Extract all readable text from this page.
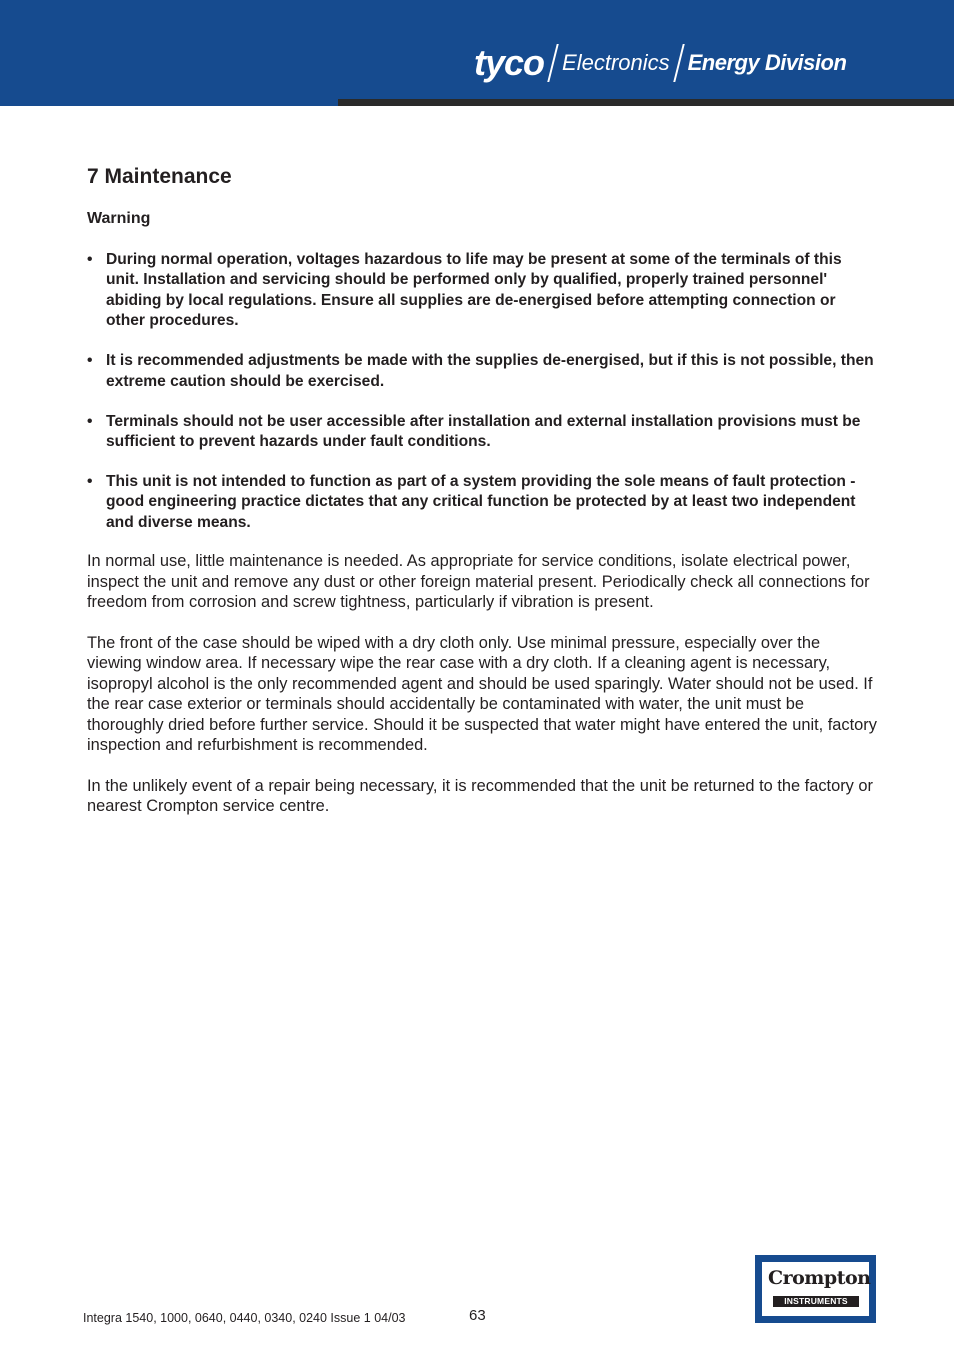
tyco Electronics Energy Division
7 Maintenance
Warning
• During normal operation, voltages hazardous to life may be present at some of the terminals of this unit. Installation and servicing should be performed only by qualified, properly trained personnel' abiding by local regulations. Ensure all supplies are de-energised before attempting connection or other procedures.
• It is recommended adjustments be made with the supplies de-energised, but if this is not possible, then extreme caution should be exercised.
• Terminals should not be user accessible after installation and external installation provisions must be sufficient to prevent hazards under fault conditions.
• This unit is not intended to function as part of a system providing the sole means of fault protection - good engineering practice dictates that any critical function be protected by at least two independent and diverse means.

In normal use, little maintenance is needed. As appropriate for service conditions, isolate electrical power, inspect the unit and remove any dust or other foreign material present. Periodically check all connections for freedom from corrosion and screw tightness, particularly if vibration is present.

The front of the case should be wiped with a dry cloth only. Use minimal pressure, especially over the viewing window area. If necessary wipe the rear case with a dry cloth. If a cleaning agent is necessary, isopropyl alcohol is the only recommended agent and should be used sparingly. Water should not be used. If the rear case exterior or terminals should accidentally be contaminated with water, the unit must be thoroughly dried before further service. Should it be suspected that water might have entered the unit, factory inspection and refurbishment is recommended.

In the unlikely event of a repair being necessary, it is recommended that the unit be returned to the factory or nearest Crompton service centre.

Integra 1540, 1000, 0640, 0440, 0340, 0240 Issue 1 04/03	63
Crompton
INSTRUMENTS
